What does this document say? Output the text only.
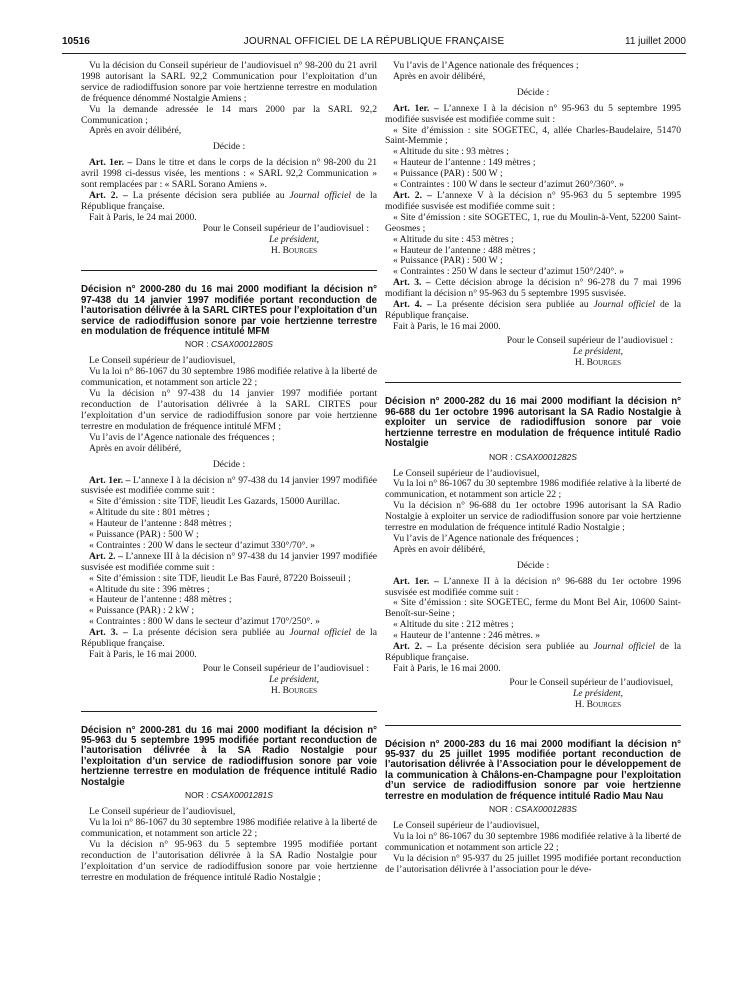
10516	JOURNAL OFFICIEL DE LA RÉPUBLIQUE FRANÇAISE	11 juillet 2000

Vu la décision du Conseil supérieur de l’audiovisuel n° 98-200 du 21 avril 1998 autorisant la SARL 92,2 Communication pour l’exploitation d’un service de radiodiffusion sonore par voie hertzienne terrestre en modulation de fréquence dénommé Nostalgie Amiens ;

Vu la demande adressée le 14 mars 2000 par la SARL 92,2 Communication ;

Après en avoir délibéré,

Décide :

Art. 1er. – Dans le titre et dans le corps de la décision n° 98-200 du 21 avril 1998 ci-dessus visée, les mentions : « SARL 92,2 Communication » sont remplacées par : « SARL Sorano Amiens ».

Art. 2. – La présente décision sera publiée au Journal officiel de la République française.

Fait à Paris, le 24 mai 2000.

Pour le Conseil supérieur de l’audiovisuel :

Le président,

H. Bourges

Décision n° 2000-280 du 16 mai 2000 modifiant la décision n° 97-438 du 14 janvier 1997 modifiée portant reconduction de l’autorisation délivrée à la SARL CIRTES pour l’exploitation d’un service de radiodiffusion sonore par voie hertzienne terrestre en modulation de fréquence intitulé MFM

NOR : CSAX0001280S

Le Conseil supérieur de l’audiovisuel,

Vu la loi n° 86-1067 du 30 septembre 1986 modifiée relative à la liberté de communication, et notamment son article 22 ;

Vu la décision n° 97-438 du 14 janvier 1997 modifiée portant reconduction de l’autorisation délivrée à la SARL CIRTES pour l’exploitation d’un service de radiodiffusion sonore par voie hertzienne terrestre en modulation de fréquence intitulé MFM ;

Vu l’avis de l’Agence nationale des fréquences ;

Après en avoir délibéré,

Décide :

Art. 1er. – L’annexe I à la décision n° 97-438 du 14 janvier 1997 modifiée susvisée est modifiée comme suit :

« Site d’émission : site TDF, lieudit Les Gazards, 15000 Aurillac.

« Altitude du site : 801 mètres ;

« Hauteur de l’antenne : 848 mètres ;

« Puissance (PAR) : 500 W ;

« Contraintes : 200 W dans le secteur d’azimut 330°/70°. »

Art. 2. – L’annexe III à la décision n° 97-438 du 14 janvier 1997 modifiée susvisée est modifiée comme suit :

« Site d’émission : site TDF, lieudit Le Bas Fauré, 87220 Boisseuil ;

« Altitude du site : 396 mètres ;

« Hauteur de l’antenne : 488 mètres ;

« Puissance (PAR) : 2 kW ;

« Contraintes : 800 W dans le secteur d’azimut 170°/250°. »

Art. 3. – La présente décision sera publiée au Journal officiel de la République française.

Fait à Paris, le 16 mai 2000.

Pour le Conseil supérieur de l’audiovisuel :

Le président,

H. Bourges

Décision n° 2000-281 du 16 mai 2000 modifiant la décision n° 95-963 du 5 septembre 1995 modifiée portant reconduction de l’autorisation délivrée à la SA Radio Nostalgie pour l’exploitation d’un service de radiodiffusion sonore par voie hertzienne terrestre en modulation de fréquence intitulé Radio Nostalgie

NOR : CSAX0001281S

Le Conseil supérieur de l’audiovisuel,

Vu la loi n° 86-1067 du 30 septembre 1986 modifiée relative à la liberté de communication, et notamment son article 22 ;

Vu la décision n° 95-963 du 5 septembre 1995 modifiée portant reconduction de l’autorisation délivrée à la SA Radio Nostalgie pour l’exploitation d’un service de radiodiffusion sonore par voie hertzienne terrestre en modulation de fréquence intitulé Radio Nostalgie ;

Vu l’avis de l’Agence nationale des fréquences ;

Après en avoir délibéré,

Décide :

Art. 1er. – L’annexe I à la décision n° 95-963 du 5 septembre 1995 modifiée susvisée est modifiée comme suit :

« Site d’émission : site SOGETEC, 4, allée Charles-Baudelaire, 51470 Saint-Memmie ;

« Altitude du site : 93 mètres ;

« Hauteur de l’antenne : 149 mètres ;

« Puissance (PAR) : 500 W ;

« Contraintes : 100 W dans le secteur d’azimut 260°/360°. »

Art. 2. – L’annexe V à la décision n° 95-963 du 5 septembre 1995 modifiée susvisée est modifiée comme suit :

« Site d’émission : site SOGETEC, 1, rue du Moulin-à-Vent, 52200 Saint-Geosmes ;

« Altitude du site : 453 mètres ;

« Hauteur de l’antenne : 488 mètres ;

« Puissance (PAR) : 500 W ;

« Contraintes : 250 W dans le secteur d’azimut 150°/240°. »

Art. 3. – Cette décision abroge la décision n° 96-278 du 7 mai 1996 modifiant la décision n° 95-963 du 5 septembre 1995 susvisée.

Art. 4. – La présente décision sera publiée au Journal officiel de la République française.

Fait à Paris, le 16 mai 2000.

Pour le Conseil supérieur de l’audiovisuel :

Le président,

H. Bourges

Décision n° 2000-282 du 16 mai 2000 modifiant la décision n° 96-688 du 1er octobre 1996 autorisant la SA Radio Nostalgie à exploiter un service de radiodiffusion sonore par voie hertzienne terrestre en modulation de fréquence intitulé Radio Nostalgie

NOR : CSAX0001282S

Le Conseil supérieur de l’audiovisuel,

Vu la loi n° 86-1067 du 30 septembre 1986 modifiée relative à la liberté de communication, et notamment son article 22 ;

Vu la décision n° 96-688 du 1er octobre 1996 autorisant la SA Radio Nostalgie à exploiter un service de radiodiffusion sonore par voie hertzienne terrestre en modulation de fréquence intitulé Radio Nostalgie ;

Vu l’avis de l’Agence nationale des fréquences ;

Après en avoir délibéré,

Décide :

Art. 1er. – L’annexe II à la décision n° 96-688 du 1er octobre 1996 susvisée est modifiée comme suit :

« Site d’émission : site SOGETEC, ferme du Mont Bel Air, 10600 Saint-Benoît-sur-Seine ;

« Altitude du site : 212 mètres ;

« Hauteur de l’antenne : 246 mètres. »

Art. 2. – La présente décision sera publiée au Journal officiel de la République française.

Fait à Paris, le 16 mai 2000.

Pour le Conseil supérieur de l’audiovisuel,

Le président,

H. Bourges

Décision n° 2000-283 du 16 mai 2000 modifiant la décision n° 95-937 du 25 juillet 1995 modifiée portant reconduction de l’autorisation délivrée à l’Association pour le développement de la communication à Châlons-en-Champagne pour l’exploitation d’un service de radiodiffusion sonore par voie hertzienne terrestre en modulation de fréquence intitulé Radio Mau Nau

NOR : CSAX0001283S

Le Conseil supérieur de l’audiovisuel,

Vu la loi n° 86-1067 du 30 septembre 1986 modifiée relative à la liberté de communication et notamment son article 22 ;

Vu la décision n° 95-937 du 25 juillet 1995 modifiée portant reconduction de l’autorisation délivrée à l’association pour le déve-
